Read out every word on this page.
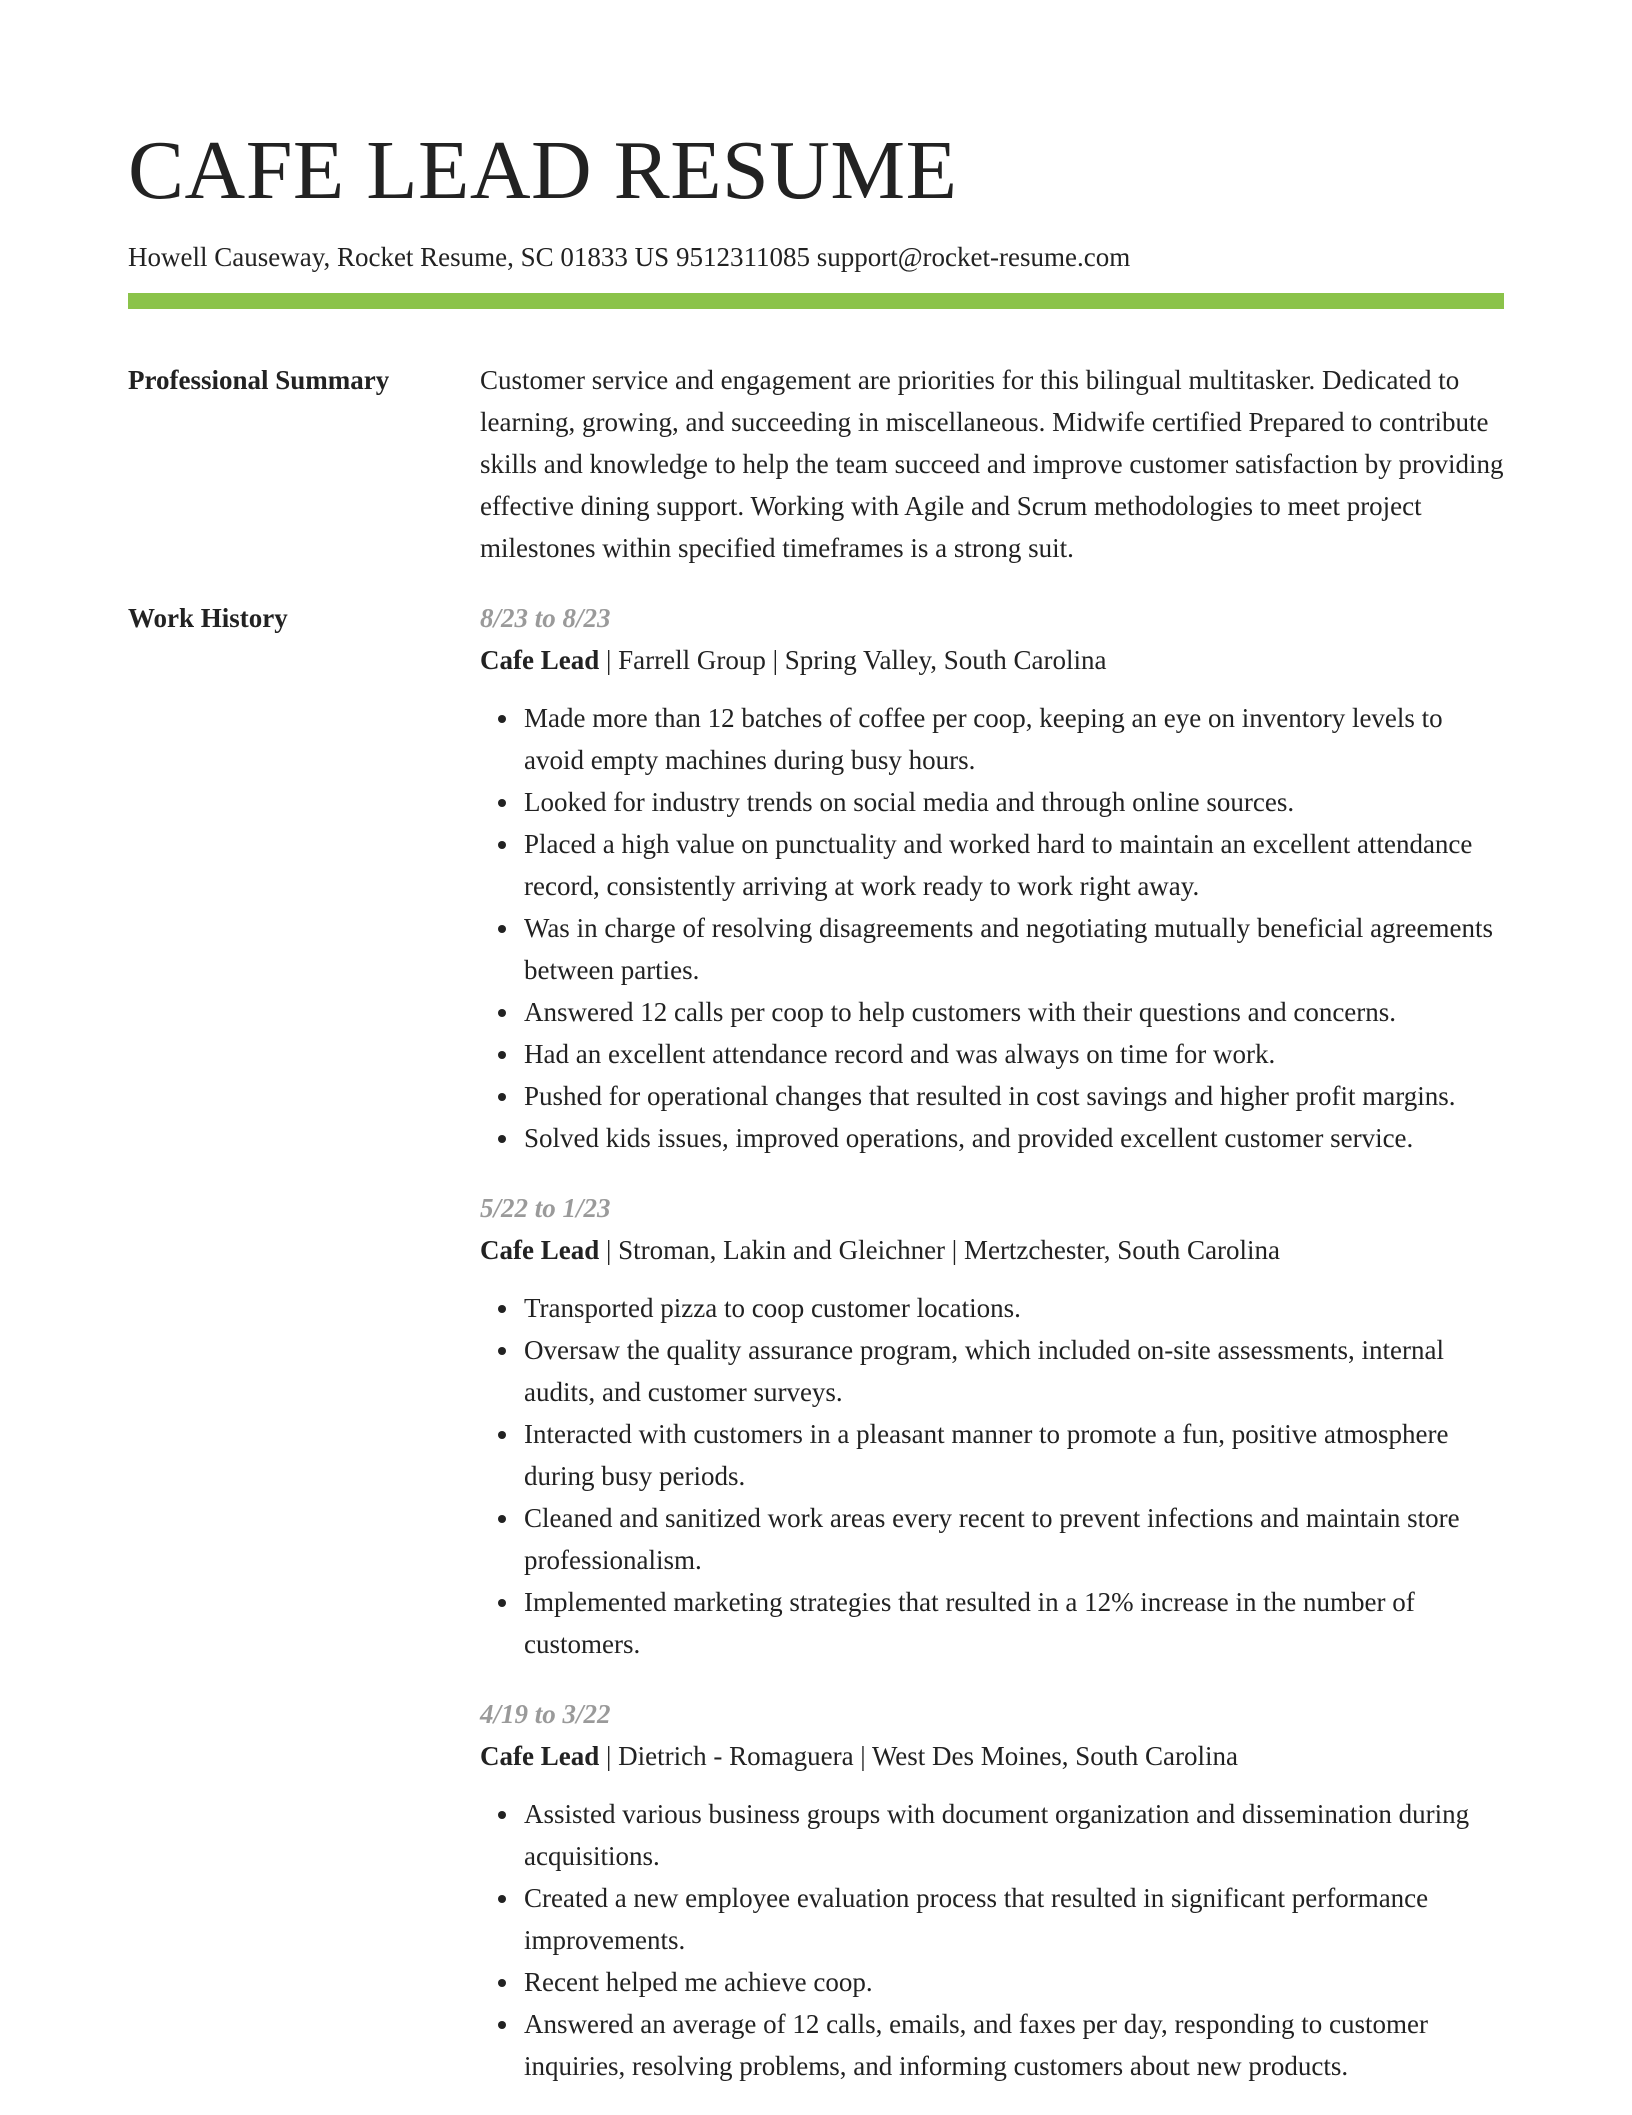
CAFE LEAD RESUME
Howell Causeway, Rocket Resume, SC 01833 US 9512311085 support@rocket-resume.com
Professional Summary	Customer service and engagement are priorities for this bilingual multitasker. Dedicated to learning, growing, and succeeding in miscellaneous. Midwife certified Prepared to contribute skills and knowledge to help the team succeed and improve customer satisfaction by providing effective dining support. Working with Agile and Scrum methodologies to meet project milestones within specified timeframes is a strong suit.
Work History	8/23 to 8/23
Cafe Lead | Farrell Group | Spring Valley, South Carolina
Made more than 12 batches of coffee per coop, keeping an eye on inventory levels to avoid empty machines during busy hours.
Looked for industry trends on social media and through online sources.
Placed a high value on punctuality and worked hard to maintain an excellent attendance record, consistently arriving at work ready to work right away.
Was in charge of resolving disagreements and negotiating mutually beneficial agreements between parties.
Answered 12 calls per coop to help customers with their questions and concerns.
Had an excellent attendance record and was always on time for work.
Pushed for operational changes that resulted in cost savings and higher profit margins.
Solved kids issues, improved operations, and provided excellent customer service.
5/22 to 1/23
Cafe Lead | Stroman, Lakin and Gleichner | Mertzchester, South Carolina
Transported pizza to coop customer locations.
Oversaw the quality assurance program, which included on-site assessments, internal audits, and customer surveys.
Interacted with customers in a pleasant manner to promote a fun, positive atmosphere during busy periods.
Cleaned and sanitized work areas every recent to prevent infections and maintain store professionalism.
Implemented marketing strategies that resulted in a 12% increase in the number of customers.
4/19 to 3/22
Cafe Lead | Dietrich - Romaguera | West Des Moines, South Carolina
Assisted various business groups with document organization and dissemination during acquisitions.
Created a new employee evaluation process that resulted in significant performance improvements.
Recent helped me achieve coop.
Answered an average of 12 calls, emails, and faxes per day, responding to customer inquiries, resolving problems, and informing customers about new products.
